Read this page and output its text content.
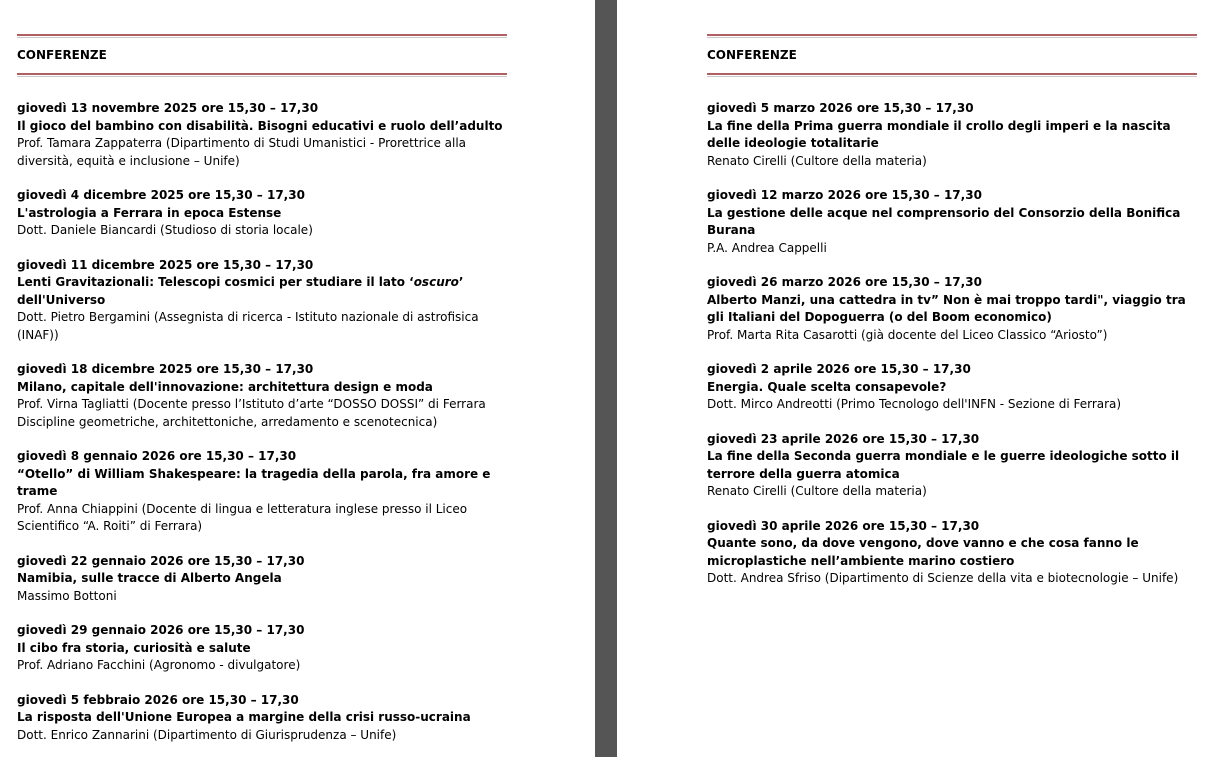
CONFERENZE
giovedì 13 novembre 2025 ore 15,30 – 17,30
Il gioco del bambino con disabilità. Bisogni educativi e ruolo dell’adulto
Prof. Tamara Zappaterra (Dipartimento di Studi Umanistici - Prorettrice alla diversità, equità e inclusione – Unife)
giovedì 4 dicembre 2025 ore 15,30 – 17,30
L'astrologia a Ferrara in epoca Estense
Dott. Daniele Biancardi (Studioso di storia locale)
giovedì 11 dicembre 2025 ore 15,30 – 17,30
Lenti Gravitazionali: Telescopi cosmici per studiare il lato ‘oscuro’ dell'Universo
Dott. Pietro Bergamini (Assegnista di ricerca - Istituto nazionale di astrofisica (INAF))
giovedì 18 dicembre 2025 ore 15,30 – 17,30
Milano, capitale dell'innovazione: architettura design e moda
Prof. Virna Tagliatti (Docente presso l’Istituto d’arte “DOSSO DOSSI” di Ferrara Discipline geometriche, architettoniche, arredamento e scenotecnica)
giovedì 8 gennaio 2026 ore 15,30 – 17,30
“Otello” di William Shakespeare: la tragedia della parola, fra amore e trame
Prof. Anna Chiappini (Docente di lingua e letteratura inglese presso il Liceo Scientifico “A. Roiti” di Ferrara)
giovedì 22 gennaio 2026 ore 15,30 – 17,30
Namibia, sulle tracce di Alberto Angela
Massimo Bottoni
giovedì 29 gennaio 2026 ore 15,30 – 17,30
Il cibo fra storia, curiosità e salute
Prof. Adriano Facchini (Agronomo - divulgatore)
giovedì 5 febbraio 2026 ore 15,30 – 17,30
La risposta dell'Unione Europea a margine della crisi russo-ucraina
Dott. Enrico Zannarini (Dipartimento di Giurisprudenza – Unife)
CONFERENZE
giovedì 5 marzo 2026 ore 15,30 – 17,30
La fine della Prima guerra mondiale il crollo degli imperi e la nascita delle ideologie totalitarie
Renato Cirelli (Cultore della materia)
giovedì 12 marzo 2026 ore 15,30 – 17,30
La gestione delle acque nel comprensorio del Consorzio della Bonifica Burana
P.A. Andrea Cappelli
giovedì 26 marzo 2026 ore 15,30 – 17,30
Alberto Manzi, una cattedra in tv” Non è mai troppo tardi", viaggio tra gli Italiani del Dopoguerra (o del Boom economico)
Prof. Marta Rita Casarotti (già docente del Liceo Classico “Ariosto”)
giovedì 2 aprile 2026 ore 15,30 – 17,30
Energia. Quale scelta consapevole?
Dott. Mirco Andreotti (Primo Tecnologo dell'INFN - Sezione di Ferrara)
giovedì 23 aprile 2026 ore 15,30 – 17,30
La fine della Seconda guerra mondiale e le guerre ideologiche sotto il terrore della guerra atomica
Renato Cirelli (Cultore della materia)
giovedì 30 aprile 2026 ore 15,30 – 17,30
Quante sono, da dove vengono, dove vanno e che cosa fanno le microplastiche nell’ambiente marino costiero
Dott. Andrea Sfriso (Dipartimento di Scienze della vita e biotecnologie – Unife)
